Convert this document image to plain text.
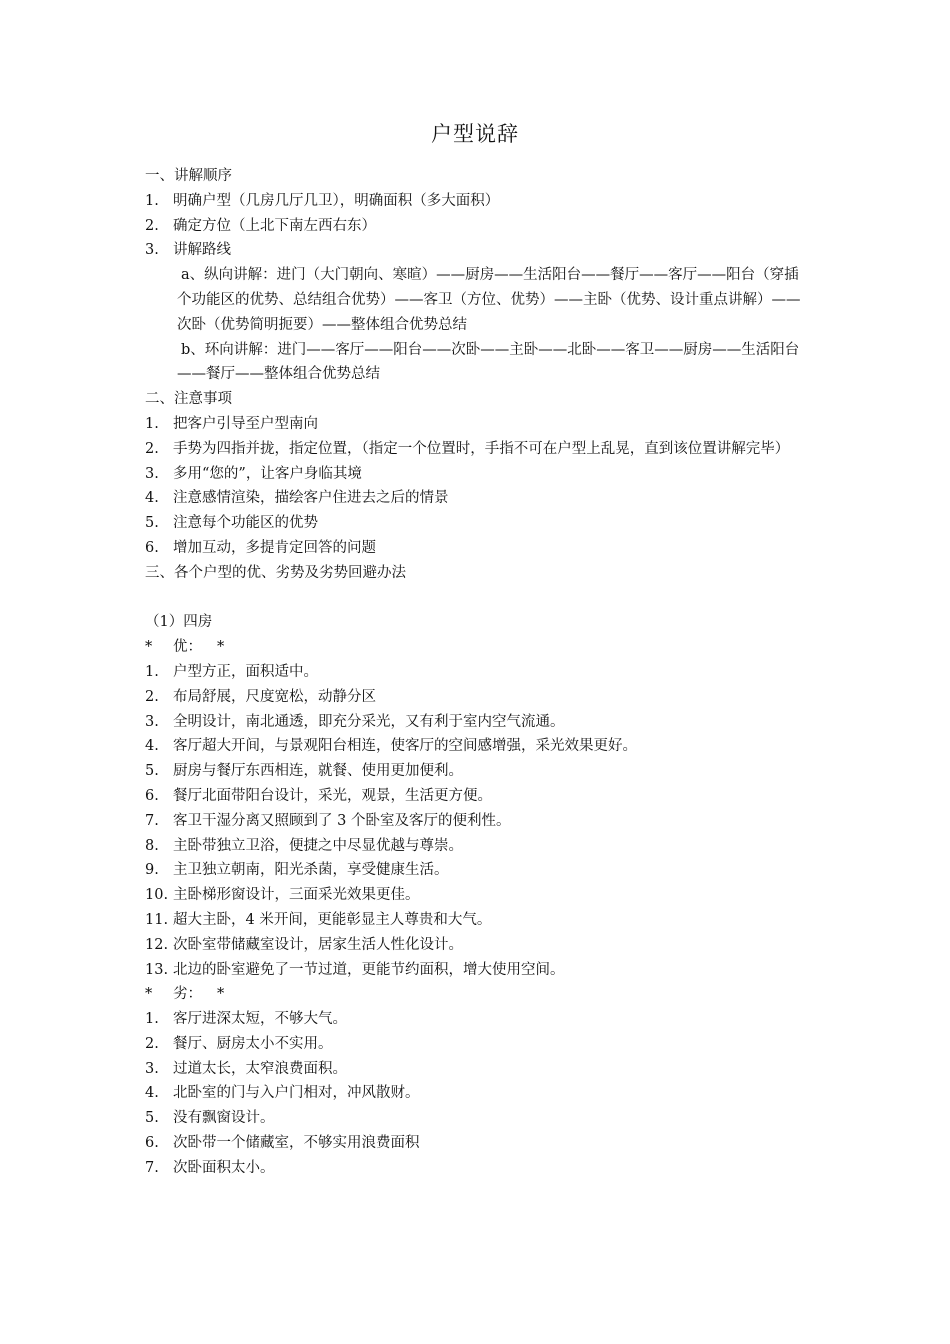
户型说辞
一、讲解顺序
1. 明确户型（几房几厅几卫），明确面积（多大面积）
2. 确定方位（上北下南左西右东）
3. 讲解路线
a、纵向讲解：进门（大门朝向、寒暄）——厨房——生活阳台——餐厅——客厅——阳台（穿插个功能区的优势、总结组合优势）——客卫（方位、优势）——主卧（优势、设计重点讲解）——次卧（优势简明扼要）——整体组合优势总结
b、环向讲解：进门——客厅——阳台——次卧——主卧——北卧——客卫——厨房——生活阳台——餐厅——整体组合优势总结
二、注意事项
1. 把客户引导至户型南向
2. 手势为四指并拢，指定位置，（指定一个位置时，手指不可在户型上乱晃，直到该位置讲解完毕）
3. 多用“您的”，让客户身临其境
4. 注意感情渲染，描绘客户住进去之后的情景
5. 注意每个功能区的优势
6. 增加互动，多提肯定回答的问题
三、各个户型的优、劣势及劣势回避办法
（1）四房
*	优：	*
1. 户型方正，面积适中。
2. 布局舒展，尺度宽松，动静分区
3. 全明设计，南北通透，即充分采光，又有利于室内空气流通。
4. 客厅超大开间，与景观阳台相连，使客厅的空间感增强，采光效果更好。
5. 厨房与餐厅东西相连，就餐、使用更加便利。
6. 餐厅北面带阳台设计，采光，观景，生活更方便。
7. 客卫干湿分离又照顾到了 3 个卧室及客厅的便利性。
8. 主卧带独立卫浴，便捷之中尽显优越与尊崇。
9. 主卫独立朝南，阳光杀菌，享受健康生活。
10. 主卧梯形窗设计，三面采光效果更佳。
11. 超大主卧，4 米开间，更能彰显主人尊贵和大气。
12. 次卧室带储藏室设计，居家生活人性化设计。
13. 北边的卧室避免了一节过道，更能节约面积，增大使用空间。
*	劣：	*
1. 客厅进深太短，不够大气。
2. 餐厅、厨房太小不实用。
3. 过道太长，太窄浪费面积。
4. 北卧室的门与入户门相对，冲风散财。
5. 没有飘窗设计。
6. 次卧带一个储藏室，不够实用浪费面积
7. 次卧面积太小。
